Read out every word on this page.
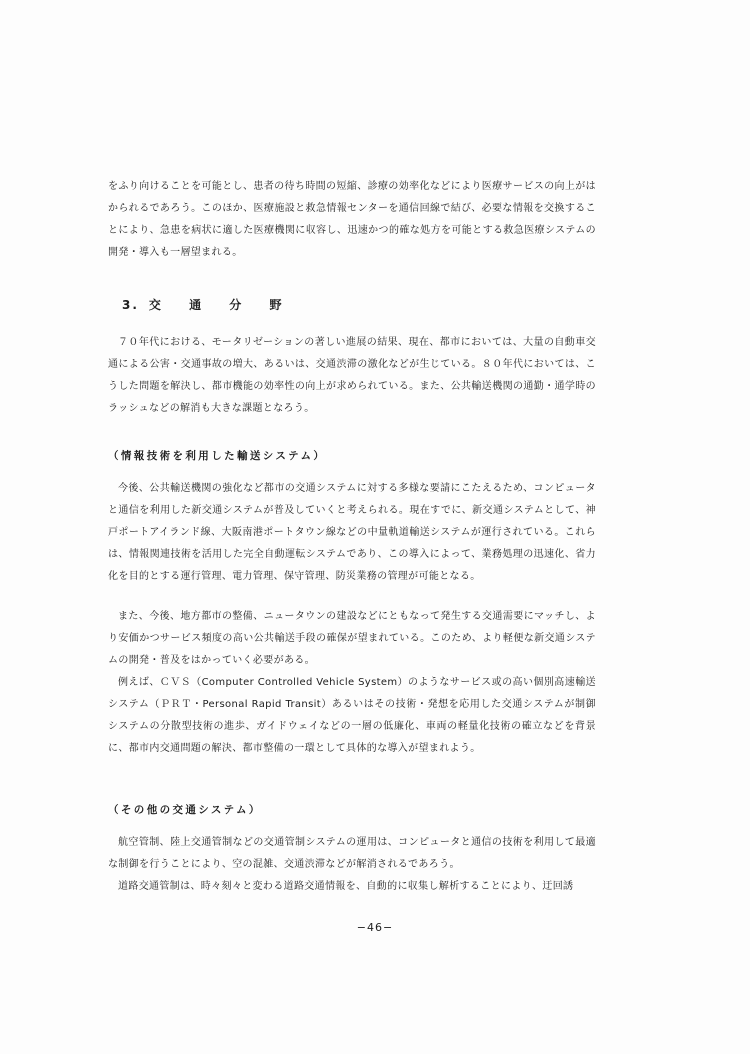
をふり向けることを可能とし、患者の待ち時間の短縮、診療の効率化などにより医療サービスの向上がはかられるであろう。このほか、医療施設と救急情報センターを通信回線で結び、必要な情報を交換することにより、急患を病状に適した医療機関に収容し、迅速かつ的確な処方を可能とする救急医療システムの開発・導入も一層望まれる。

3. 交 通 分 野

７０年代における、モータリゼーションの著しい進展の結果、現在、都市においては、大量の自動車交通による公害・交通事故の増大、あるいは、交通渋滞の激化などが生じている。８０年代においては、こうした問題を解決し、都市機能の効率性の向上が求められている。また、公共輸送機関の通勤・通学時のラッシュなどの解消も大きな課題となろう。

（情報技術を利用した輸送システム）

今後、公共輸送機関の強化など都市の交通システムに対する多様な要請にこたえるため、コンピュータと通信を利用した新交通システムが普及していくと考えられる。現在すでに、新交通システムとして、神戸ポートアイランド線、大阪南港ポートタウン線などの中量軌道輸送システムが運行されている。これらは、情報関連技術を活用した完全自動運転システムであり、この導入によって、業務処理の迅速化、省力化を目的とする運行管理、電力管理、保守管理、防災業務の管理が可能となる。

また、今後、地方都市の整備、ニュータウンの建設などにともなって発生する交通需要にマッチし、より安価かつサービス頻度の高い公共輸送手段の確保が望まれている。このため、より軽便な新交通システムの開発・普及をはかっていく必要がある。

例えば、ＣＶＳ（Computer Controlled Vehicle System）のようなサービス或の高い個別高速輸送システム（ＰＲＴ・Personal Rapid Transit）あるいはその技術・発想を応用した交通システムが制御システムの分散型技術の進歩、ガイドウェイなどの一層の低廉化、車両の軽量化技術の確立などを背景に、都市内交通問題の解決、都市整備の一環として具体的な導入が望まれよう。

（その他の交通システム）

航空管制、陸上交通管制などの交通管制システムの運用は、コンピュータと通信の技術を利用して最適な制御を行うことにより、空の混雑、交通渋滞などが解消されるであろう。

道路交通管制は、時々刻々と変わる道路交通情報を、自動的に収集し解析することにより、迂回誘

−46−
